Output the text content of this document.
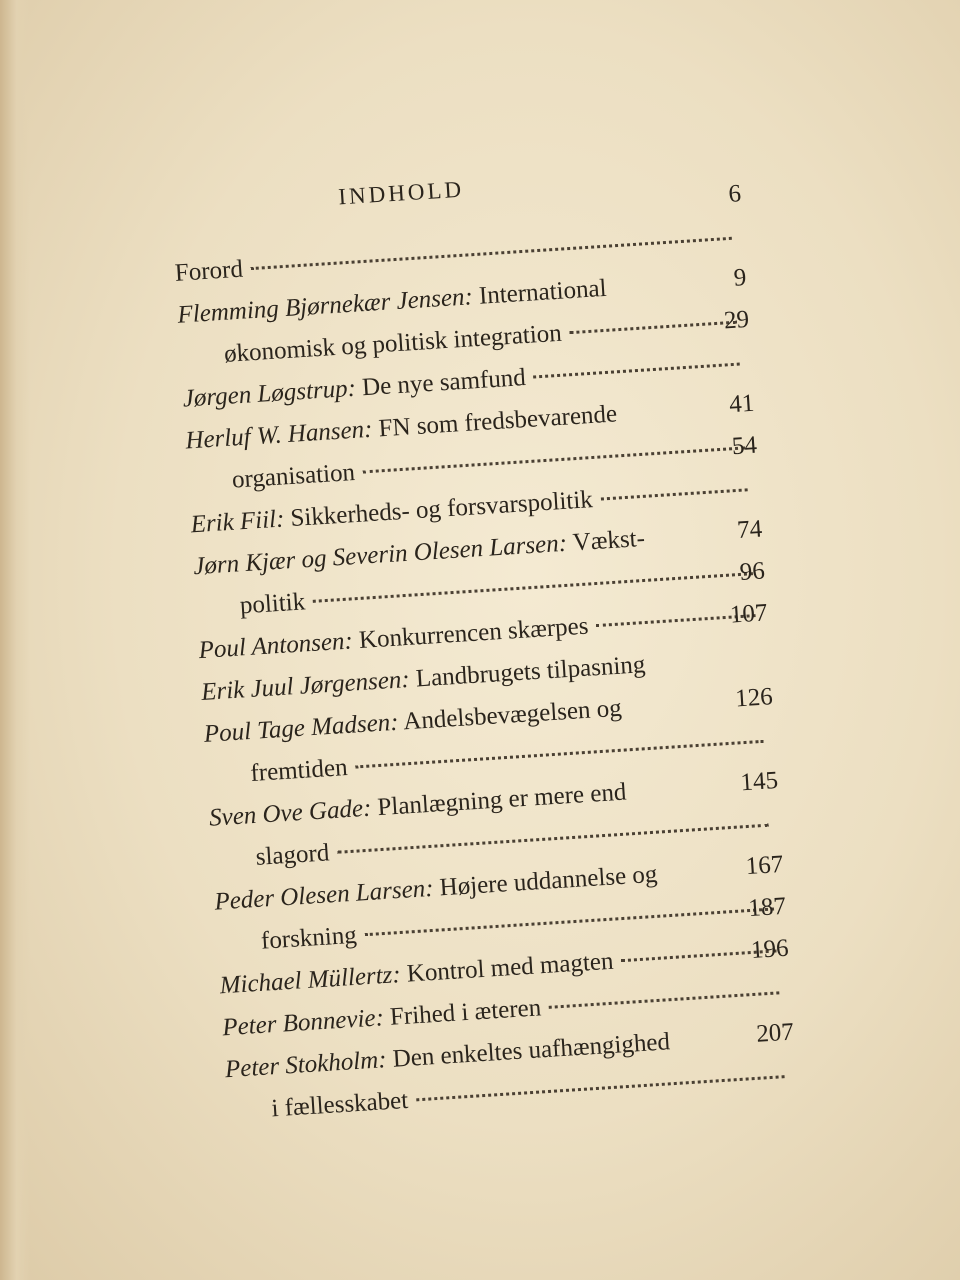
INDHOLD
Forord
6
Flemming Bjørnekær Jensen: International
økonomisk og politisk integration
9
Jørgen Løgstrup: De nye samfund
29
Herluf W. Hansen: FN som fredsbevarende
organisation
41
Erik Fiil: Sikkerheds- og forsvarspolitik
54
Jørn Kjær og Severin Olesen Larsen: Vækst-
politik
74
Poul Antonsen: Konkurrencen skærpes
96
Erik Juul Jørgensen: Landbrugets tilpasning
107
Poul Tage Madsen: Andelsbevægelsen og
fremtiden
126
Sven Ove Gade: Planlægning er mere end
slagord
145
Peder Olesen Larsen: Højere uddannelse og
forskning
167
Michael Müllertz: Kontrol med magten
187
Peter Bonnevie: Frihed i æteren
196
Peter Stokholm: Den enkeltes uafhængighed
i fællesskabet
207
